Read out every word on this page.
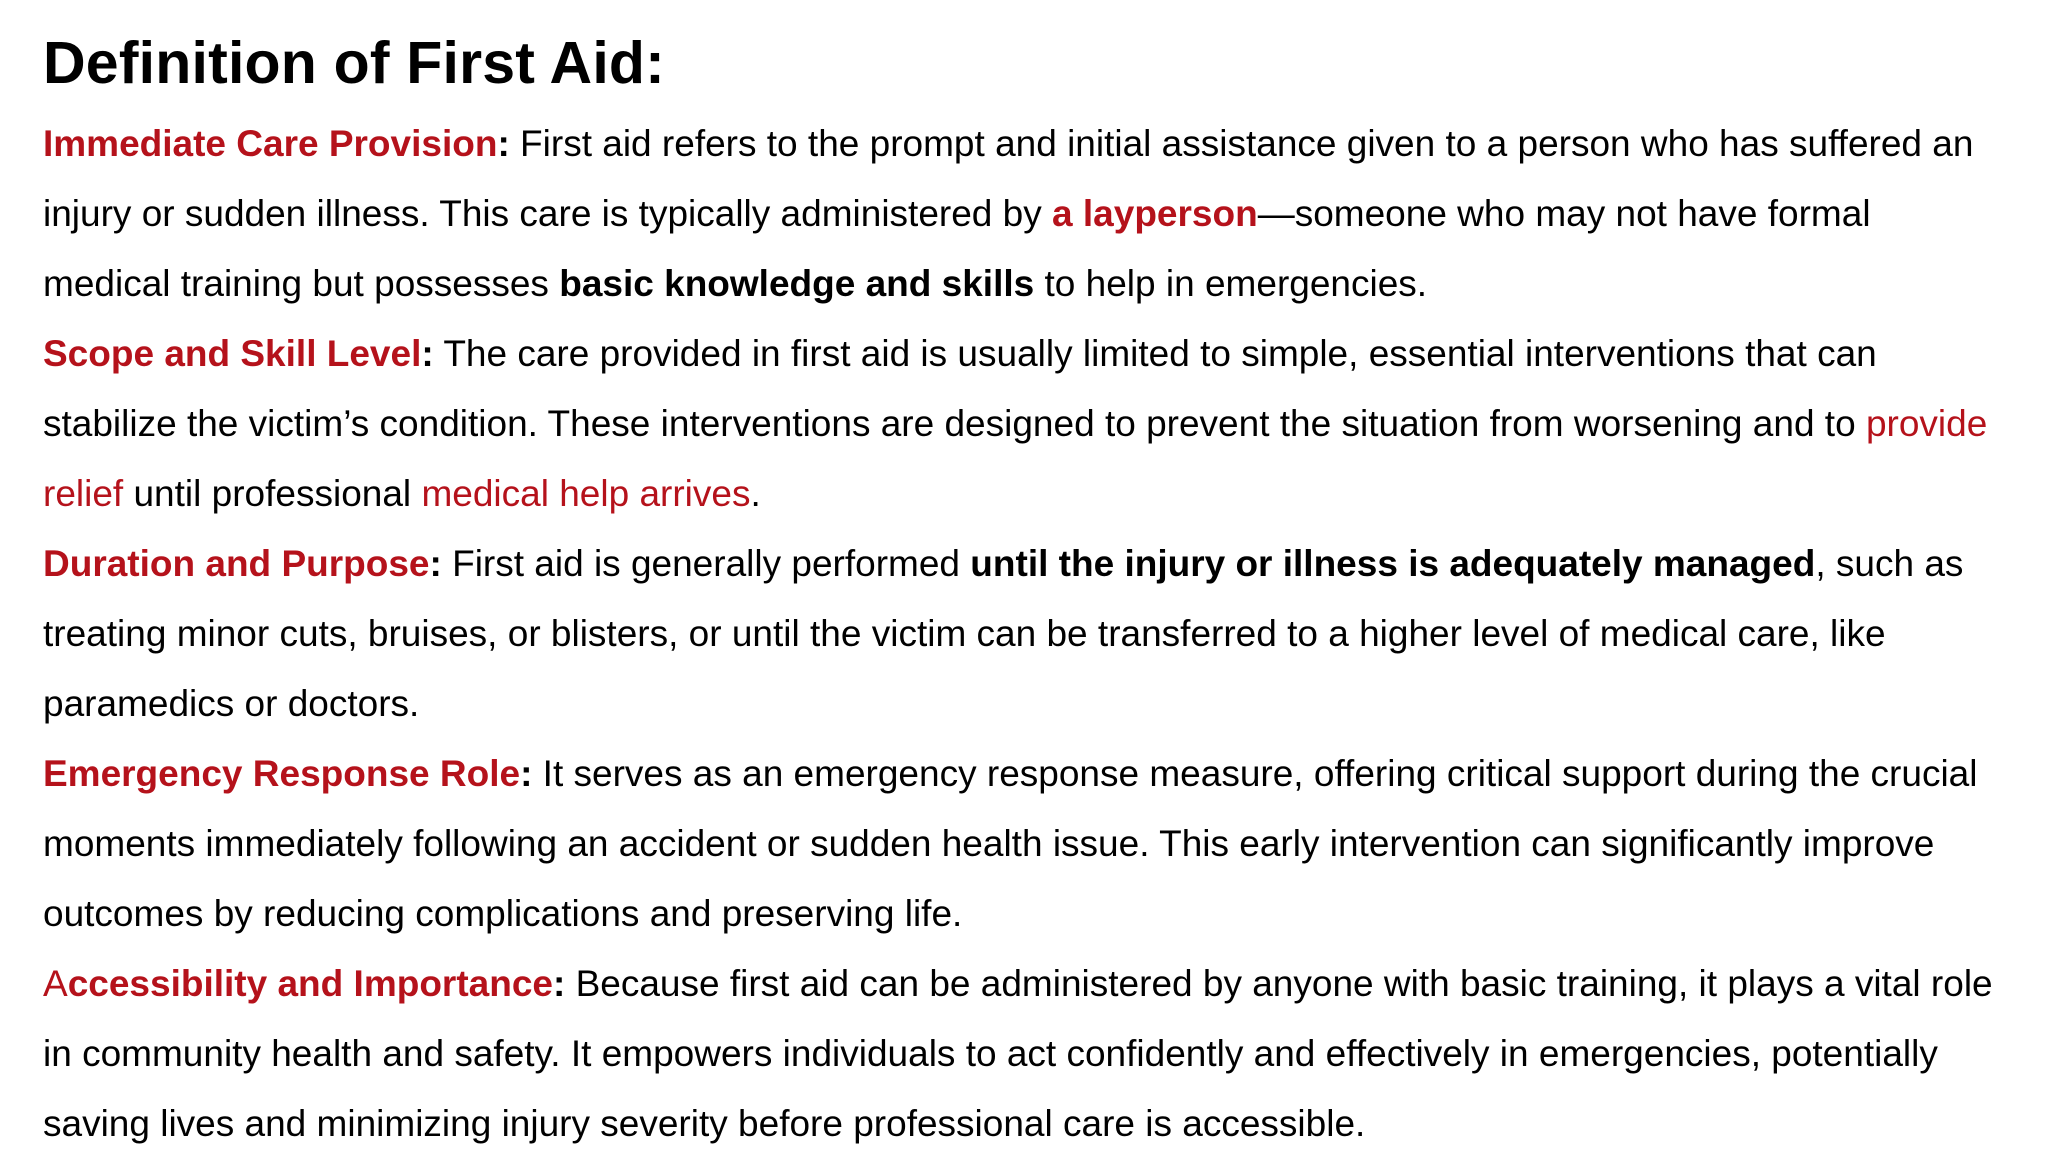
Definition of First Aid:

Immediate Care Provision: First aid refers to the prompt and initial assistance given to a person who has suffered an injury or sudden illness. This care is typically administered by a layperson—someone who may not have formal medical training but possesses basic knowledge and skills to help in emergencies.

Scope and Skill Level: The care provided in first aid is usually limited to simple, essential interventions that can stabilize the victim’s condition. These interventions are designed to prevent the situation from worsening and to provide relief until professional medical help arrives.

Duration and Purpose: First aid is generally performed until the injury or illness is adequately managed, such as treating minor cuts, bruises, or blisters, or until the victim can be transferred to a higher level of medical care, like paramedics or doctors.

Emergency Response Role: It serves as an emergency response measure, offering critical support during the crucial moments immediately following an accident or sudden health issue. This early intervention can significantly improve outcomes by reducing complications and preserving life.

Accessibility and Importance: Because first aid can be administered by anyone with basic training, it plays a vital role in community health and safety. It empowers individuals to act confidently and effectively in emergencies, potentially saving lives and minimizing injury severity before professional care is accessible.
